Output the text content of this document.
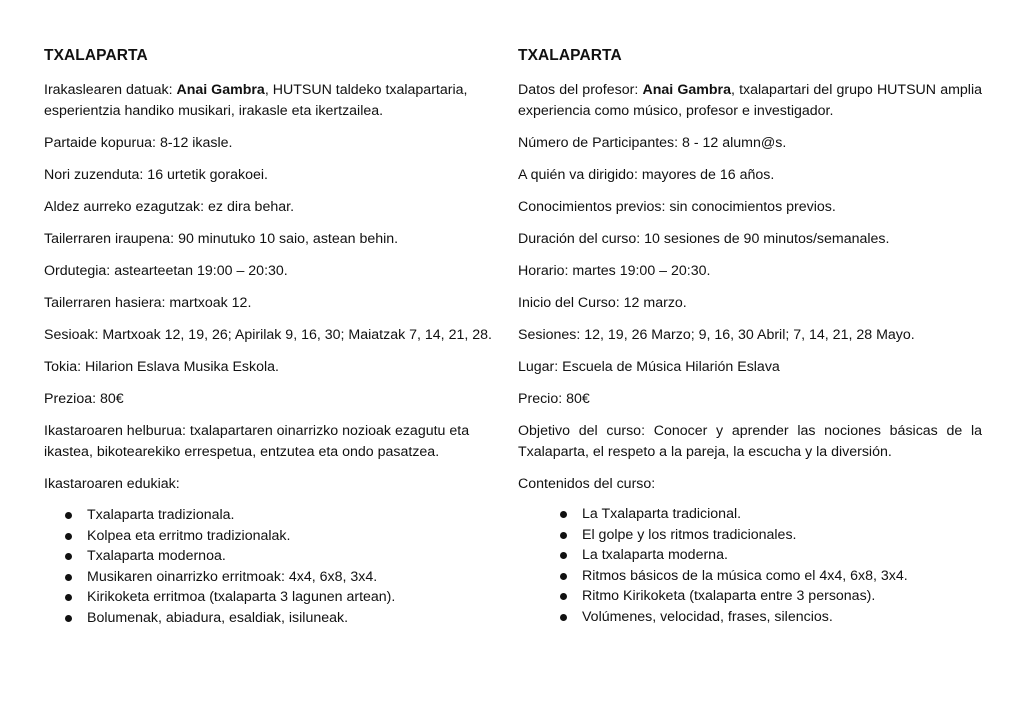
TXALAPARTA

Irakaslearen datuak: Anai Gambra, HUTSUN taldeko txalapartaria, esperientzia handiko musikari, irakasle eta ikertzailea.

Partaide kopurua: 8-12 ikasle.

Nori zuzenduta: 16 urtetik gorakoei.

Aldez aurreko ezagutzak: ez dira behar.

Tailerraren iraupena: 90 minutuko 10 saio, astean behin.

Ordutegia: astearteetan 19:00 – 20:30.

Tailerraren hasiera: martxoak 12.

Sesioak: Martxoak 12, 19, 26; Apirilak 9, 16, 30; Maiatzak 7, 14, 21, 28.

Tokia: Hilarion Eslava Musika Eskola.

Prezioa: 80€

Ikastaroaren helburua: txalapartaren oinarrizko nozioak ezagutu eta ikastea, bikotearekiko errespetua, entzutea eta ondo pasatzea.

Ikastaroaren edukiak:

Txalaparta tradizionala.
Kolpea eta erritmo tradizionalak.
Txalaparta modernoa.
Musikaren oinarrizko erritmoak: 4x4, 6x8, 3x4.
Kirikoketa erritmoa (txalaparta 3 lagunen artean).
Bolumenak, abiadura, esaldiak, isiluneak.
TXALAPARTA

Datos del profesor: Anai Gambra, txalapartari del grupo HUTSUN amplia experiencia como músico, profesor e investigador.

Número de Participantes: 8 - 12 alumn@s.

A quién va dirigido: mayores de 16 años.

Conocimientos previos: sin conocimientos previos.

Duración del curso: 10 sesiones de 90 minutos/semanales.

Horario: martes 19:00 – 20:30.

Inicio del Curso: 12 marzo.

Sesiones: 12, 19, 26 Marzo; 9, 16, 30 Abril; 7, 14, 21, 28 Mayo.

Lugar: Escuela de Música Hilarión Eslava

Precio: 80€

Objetivo del curso: Conocer y aprender las nociones básicas de la Txalaparta, el respeto a la pareja, la escucha y la diversión.

Contenidos del curso:

La Txalaparta tradicional.
El golpe y los ritmos tradicionales.
La txalaparta moderna.
Ritmos básicos de la música como el 4x4, 6x8, 3x4.
Ritmo Kirikoketa (txalaparta entre 3 personas).
Volúmenes, velocidad, frases, silencios.
